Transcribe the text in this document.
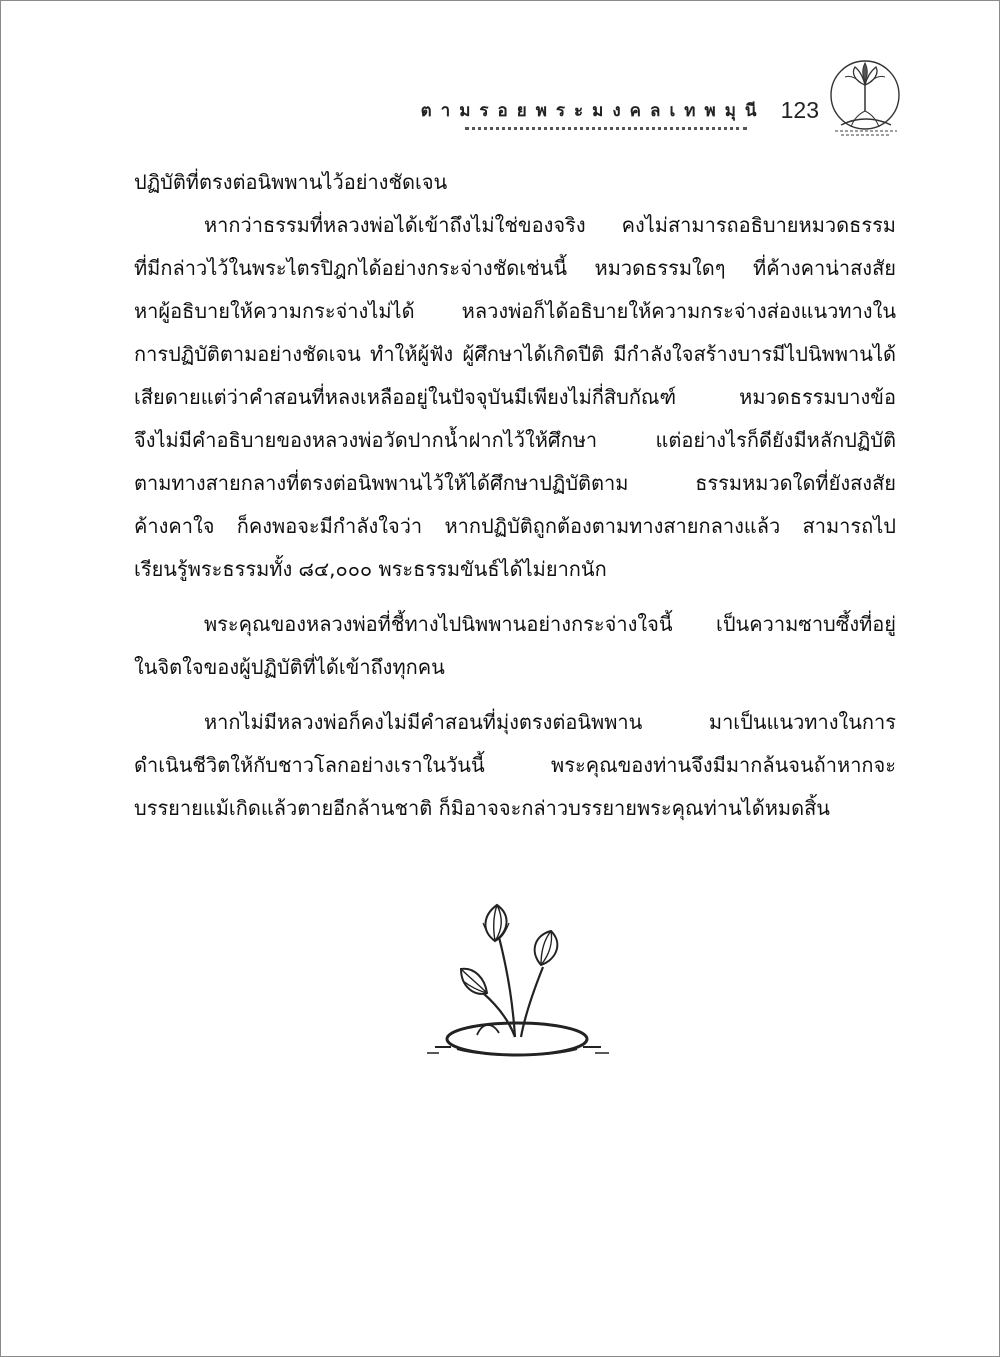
ตามรอยพระมงคลเทพมุนี 123
ปฏิบัติที่ตรงต่อนิพพานไว้อย่างชัดเจน
หากว่าธรรมที่หลวงพ่อได้เข้าถึงไม่ใช่ของจริง คงไม่สามารถอธิบายหมวดธรรม
ที่มีกล่าวไว้ในพระไตรปิฎกได้อย่างกระจ่างชัดเช่นนี้ หมวดธรรมใดๆ ที่ค้างคาน่าสงสัย
หาผู้อธิบายให้ความกระจ่างไม่ได้ หลวงพ่อก็ได้อธิบายให้ความกระจ่างส่องแนวทางใน
การปฏิบัติตามอย่างชัดเจน ทำให้ผู้ฟัง ผู้ศึกษาได้เกิดปีติ มีกำลังใจสร้างบารมีไปนิพพานได้
เสียดายแต่ว่าคำสอนที่หลงเหลืออยู่ในปัจจุบันมีเพียงไม่กี่สิบกัณฑ์ หมวดธรรมบางข้อ
จึงไม่มีคำอธิบายของหลวงพ่อวัดปากน้ำฝากไว้ให้ศึกษา แต่อย่างไรก็ดียังมีหลักปฏิบัติ
ตามทางสายกลางที่ตรงต่อนิพพานไว้ให้ได้ศึกษาปฏิบัติตาม ธรรมหมวดใดที่ยังสงสัย
ค้างคาใจ ก็คงพอจะมีกำลังใจว่า หากปฏิบัติถูกต้องตามทางสายกลางแล้ว สามารถไป
เรียนรู้พระธรรมทั้ง ๘๔,๐๐๐ พระธรรมขันธ์ได้ไม่ยากนัก
พระคุณของหลวงพ่อที่ชี้ทางไปนิพพานอย่างกระจ่างใจนี้ เป็นความซาบซึ้งที่อยู่
ในจิตใจของผู้ปฏิบัติที่ได้เข้าถึงทุกคน
หากไม่มีหลวงพ่อก็คงไม่มีคำสอนที่มุ่งตรงต่อนิพพาน มาเป็นแนวทางในการ
ดำเนินชีวิตให้กับชาวโลกอย่างเราในวันนี้ พระคุณของท่านจึงมีมากล้นจนถ้าหากจะ
บรรยายแม้เกิดแล้วตายอีกล้านชาติ ก็มิอาจจะกล่าวบรรยายพระคุณท่านได้หมดสิ้น
